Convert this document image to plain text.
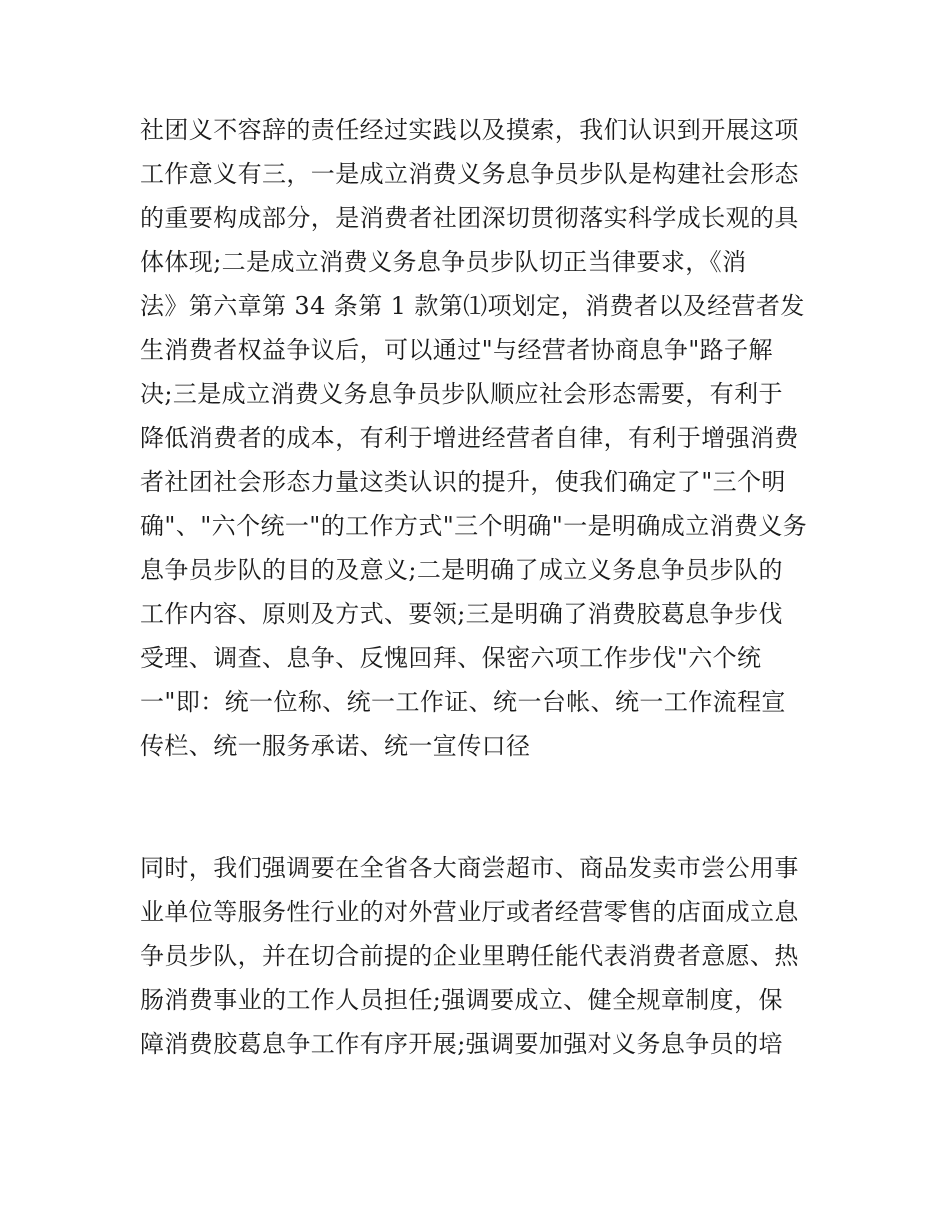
社团义不容辞的责任经过实践以及摸索，我们认识到开展这项
工作意义有三，一是成立消费义务息争员步队是构建社会形态
的重要构成部分，是消费者社团深切贯彻落实科学成长观的具
体体现;二是成立消费义务息争员步队切正当律要求，《消
法》第六章第 34 条第 1 款第⑴项划定，消费者以及经营者发
生消费者权益争议后，可以通过"与经营者协商息争"路子解
决;三是成立消费义务息争员步队顺应社会形态需要，有利于
降低消费者的成本，有利于增进经营者自律，有利于增强消费
者社团社会形态力量这类认识的提升，使我们确定了"三个明
确"、"六个统一"的工作方式"三个明确"一是明确成立消费义务
息争员步队的目的及意义;二是明确了成立义务息争员步队的
工作内容、原则及方式、要领;三是明确了消费胶葛息争步伐
受理、调查、息争、反愧回拜、保密六项工作步伐"六个统
一"即：统一位称、统一工作证、统一台帐、统一工作流程宣
传栏、统一服务承诺、统一宣传口径
同时，我们强调要在全省各大商尝超市、商品发卖市尝公用事
业单位等服务性行业的对外营业厅或者经营零售的店面成立息
争员步队，并在切合前提的企业里聘任能代表消费者意愿、热
肠消费事业的工作人员担任;强调要成立、健全规章制度，保
障消费胶葛息争工作有序开展;强调要加强对义务息争员的培
